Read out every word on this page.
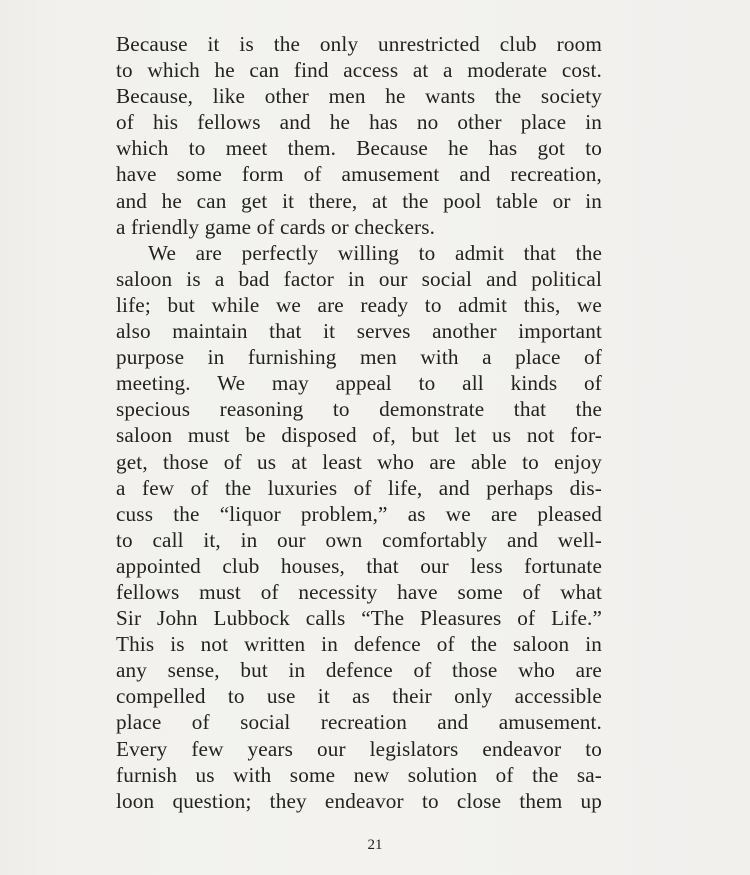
Because it is the only unrestricted club room
to which he can find access at a moderate cost.
Because, like other men he wants the society
of his fellows and he has no other place in
which to meet them. Because he has got to
have some form of amusement and recreation,
and he can get it there, at the pool table or in
a friendly game of cards or checkers.
We are perfectly willing to admit that the
saloon is a bad factor in our social and political
life; but while we are ready to admit this, we
also maintain that it serves another important
purpose in furnishing men with a place of
meeting. We may appeal to all kinds of
specious reasoning to demonstrate that the
saloon must be disposed of, but let us not for-
get, those of us at least who are able to enjoy
a few of the luxuries of life, and perhaps dis-
cuss the “liquor problem,” as we are pleased
to call it, in our own comfortably and well-
appointed club houses, that our less fortunate
fellows must of necessity have some of what
Sir John Lubbock calls “The Pleasures of Life.”
This is not written in defence of the saloon in
any sense, but in defence of those who are
compelled to use it as their only accessible
place of social recreation and amusement.
Every few years our legislators endeavor to
furnish us with some new solution of the sa-
loon question; they endeavor to close them up
21
